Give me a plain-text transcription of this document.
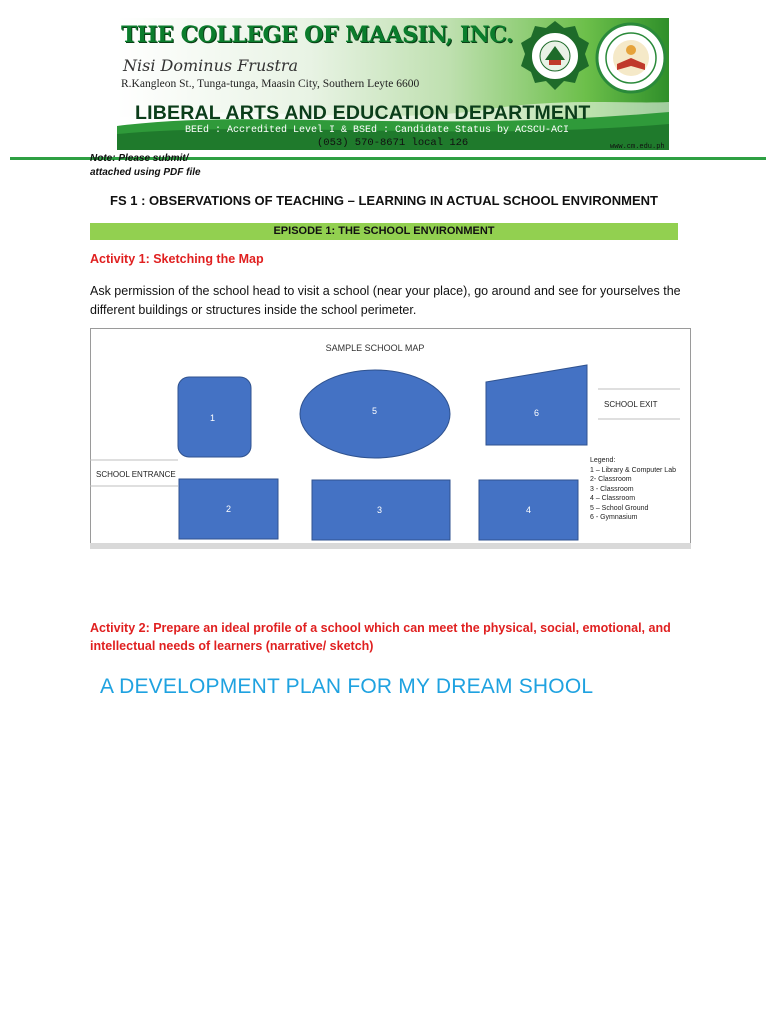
THE COLLEGE OF MAASIN, INC.
Nisi Dominus Frustra
R.Kangleon St., Tunga-tunga, Maasin City, Southern Leyte 6600
LIBERAL ARTS AND EDUCATION DEPARTMENT
BEEd : Accredited Level I & BSEd : Candidate Status by ACSCU-ACI
(053) 570-8671 local 126	www.cm.edu.ph
Note: Please submit/
attached using PDF file
FS 1 : OBSERVATIONS OF TEACHING – LEARNING IN ACTUAL SCHOOL ENVIRONMENT
EPISODE 1: THE SCHOOL ENVIRONMENT
Activity 1: Sketching the Map
Ask permission of the school head to visit a school (near your place), go around and see for yourselves the different buildings or structures inside the school perimeter.
SAMPLE SCHOOL MAP
1
5	6
2	3	4
SCHOOL ENTRANCE
SCHOOL EXIT
Legend:
1 – Library & Computer Lab
2- Classroom
3 - Classroom
4 – Classroom
5 – School Ground
6 - Gymnasium
Activity 2: Prepare an ideal profile of a school which can meet the physical, social, emotional, and intellectual needs of learners (narrative/ sketch)
A DEVELOPMENT PLAN FOR MY DREAM SHOOL
